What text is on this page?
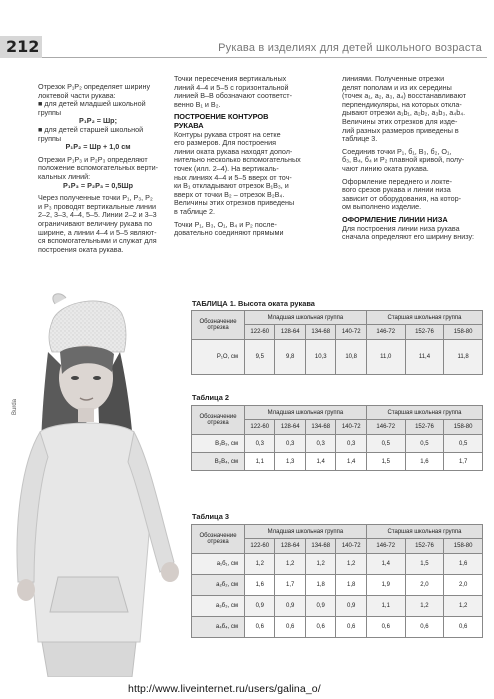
212	Рукава в изделиях для детей школьного возраста

Отрезок P₁P₂ определяет ширину

локтевой части рукава:

■ для детей младшей школьной

группы

P₁P₂ = Шр;

■ для детей старшей школьной

группы

P₁P₂ = Шр + 1,0 см

Отрезки P₁P₃ и P₂P₃ определяют

положение вспомогательных верти-

кальных линий:

P₁P₃ = P₂P₃ = 0,5Шр

Через полученные точки P₁, P₃, P₂

и P₃ проводят вертикальные линии

2–2, 3–3, 4–4, 5–5. Линии 2–2 и 3–3

ограничивают величину рукава по

ширине, а линии 4–4 и 5–5 являют-

ся вспомогательными и служат для

построения оката рукава.

Точки пересечения вертикальных

линий 4–4 и 5–5 с горизонтальной

линией В–В обозначают соответст-

венно В₁ и В₂.

ПОСТРОЕНИЕ КОНТУРОВ

РУКАВА

Контуры рукава строят на сетке

его размеров. Для построения

линии оката рукава находят допол-

нительно несколько вспомогательных

точек (илл. 2–4). На вертикаль-

ных линиях 4–4 и 5–5 вверх от точ-

ки В₁ откладывают отрезок В₁В₃, и

вверх от точки В₂ – отрезок В₂В₄.

Величины этих отрезков приведены

в таблице 2.

Точки P₁, В₃, O₁, В₄ и P₂ после-

довательно соединяют прямыми

линиями. Полученные отрезки

делят пополам и из их середины

(точек a₁, a₂, a₃, a₄) восстанавливают

перпендикуляры, на которых откла-

дывают отрезки a₁b₁, a₂b₂, a₃b₃, a₄b₄.

Величины этих отрезков для изде-

лий разных размеров приведены в

таблице 3.

Соединив точки P₁, б₁, В₃, б₂, O₁,

б₃, В₄, б₄ и P₂ плавной кривой, полу-

чают линию оката рукава.

Оформление переднего и локте-

вого срезов рукава и линии низа

зависит от оборудования, на котор-

ом выполнено изделие.

ОФОРМЛЕНИЕ ЛИНИИ НИЗА

Для построения линии низа рукава

сначала определяют его ширину внизу:

Burda
ТАБЛИЦА 1. Высота оката рукава
Обозначение отрезка	Младшая школьная группа				Старшая школьная группа		
	122-60	128-64	134-68	140-72	146-72	152-76	158-80
P₁O, см	9,5	9,8	10,3	10,8	11,0	11,4	11,8
Таблица 2
Обозначение отрезка	Младшая школьная группа				Старшая школьная группа		
	122-60	128-64	134-68	140-72	146-72	152-76	158-80
В₁В₃, см	0,3	0,3	0,3	0,3	0,5	0,5	0,5
В₂В₄, см	1,1	1,3	1,4	1,4	1,5	1,6	1,7
Таблица 3
Обозначение отрезка	Младшая школьная группа				Старшая школьная группа		
	122-60	128-64	134-68	140-72	146-72	152-76	158-80
a₁б₁, см	1,2	1,2	1,2	1,2	1,4	1,5	1,6
a₂б₂, см	1,6	1,7	1,8	1,8	1,9	2,0	2,0
a₃б₃, см	0,9	0,9	0,9	0,9	1,1	1,2	1,2
a₄б₄, см	0,6	0,6	0,6	0,6	0,6	0,6	0,6
http://www.liveinternet.ru/users/galina_o/
